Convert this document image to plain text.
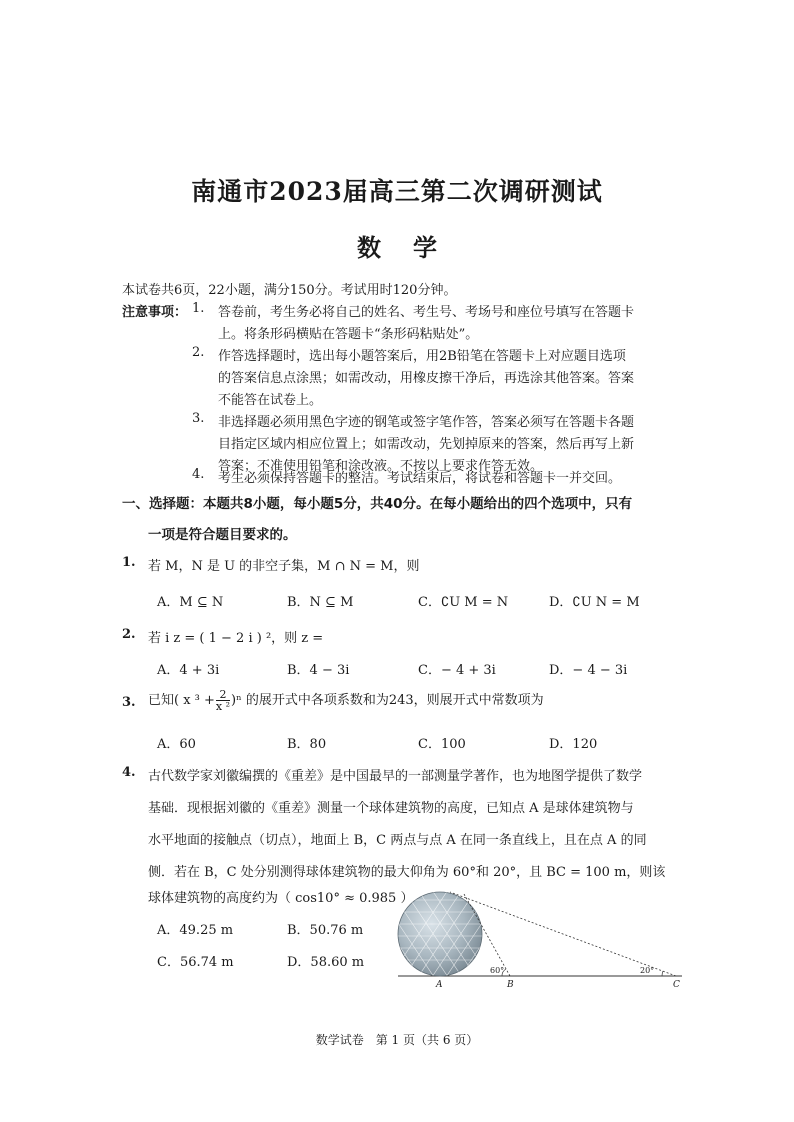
南通市2023届高三第二次调研测试
数 学
本试卷共6页，22小题，满分150分。考试用时120分钟。
注意事项： 1. 答卷前，考生务必将自己的姓名、考生号、考场号和座位号填写在答题卡
上。将条形码横贴在答题卡“条形码粘贴处”。
2. 作答选择题时，选出每小题答案后，用2B铅笔在答题卡上对应题目选项
的答案信息点涂黑；如需改动，用橡皮擦干净后，再选涂其他答案。答案
不能答在试卷上。
3. 非选择题必须用黑色字迹的钢笔或签字笔作答，答案必须写在答题卡各题
目指定区域内相应位置上；如需改动，先划掉原来的答案，然后再写上新
答案；不准使用铅笔和涂改液。不按以上要求作答无效。
4. 考生必须保持答题卡的整洁。考试结束后，将试卷和答题卡一并交回。
一、选择题：本题共8小题，每小题5分，共40分。在每小题给出的四个选项中，只有
一项是符合题目要求的。
1. 若 M，N 是 U 的非空子集，M ∩ N = M，则
A．M ⊆ N	B．N ⊆ M	C．∁U M = N	D．∁U N = M
2. 若 i z = ( 1 − 2 i ) ²，则 z =
A．4 + 3i	B．4 − 3i	C．− 4 + 3i	D．− 4 − 3i
3. 已知( x $^3 + \frac{2}{\text{x ²}} )^n$ 的展开式中各项系数和为243，则展开式中常数项为
A．60	B．80	C．100	D．120
4. 古代数学家刘徽编撰的《重差》是中国最早的一部测量学著作，也为地图学提供了数学
基础．现根据刘徽的《重差》测量一个球体建筑物的高度，已知点 A 是球体建筑物与
水平地面的接触点（切点），地面上 B，C 两点与点 A 在同一条直线上，且在点 A 的同
侧．若在 B，C 处分别测得球体建筑物的最大仰角为 60°和 20°，且 BC = 100 m，则该
球体建筑物的高度约为（ cos10° ≈ 0.985 ）
A．49.25 m	B．50.76 m
C．56.74 m	D．58.60 m
60°	20°
A	B	C
数学试卷　第 1 页（共 6 页）
